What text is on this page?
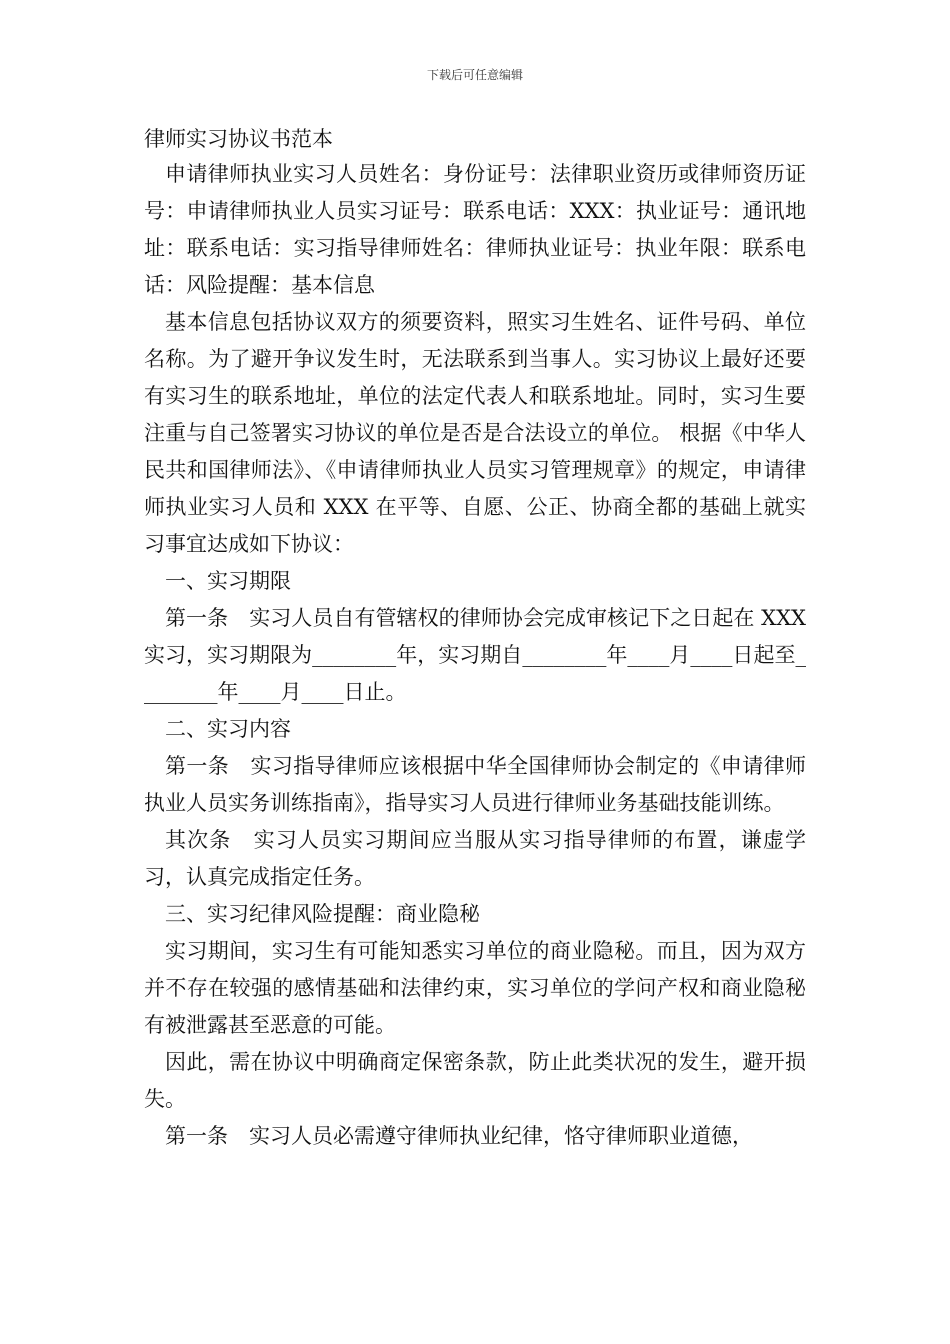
下载后可任意编辑

律师实习协议书范本

申请律师执业实习人员姓名：身份证号：法律职业资历或律师资历证号：申请律师执业人员实习证号：联系电话：XXX：执业证号：通讯地址：联系电话：实习指导律师姓名：律师执业证号：执业年限：联系电话：风险提醒：基本信息

基本信息包括协议双方的须要资料，照实习生姓名、证件号码、单位名称。为了避开争议发生时，无法联系到当事人。实习协议上最好还要有实习生的联系地址，单位的法定代表人和联系地址。同时，实习生要注重与自己签署实习协议的单位是否是合法设立的单位。 根据《中华人民共和国律师法》、《申请律师执业人员实习管理规章》的规定，申请律师执业实习人员和 XXX 在平等、自愿、公正、协商全都的基础上就实习事宜达成如下协议：

一、实习期限

第一条　实习人员自有管辖权的律师协会完成审核记下之日起在 XXX 实习，实习期限为________年，实习期自________年____月____日起至________年____月____日止。

二、实习内容

第一条　实习指导律师应该根据中华全国律师协会制定的《申请律师执业人员实务训练指南》，指导实习人员进行律师业务基础技能训练。

其次条　实习人员实习期间应当服从实习指导律师的布置，谦虚学习，认真完成指定任务。

三、实习纪律风险提醒：商业隐秘

实习期间，实习生有可能知悉实习单位的商业隐秘。而且，因为双方并不存在较强的感情基础和法律约束，实习单位的学问产权和商业隐秘有被泄露甚至恶意的可能。

因此，需在协议中明确商定保密条款，防止此类状况的发生，避开损失。

第一条　实习人员必需遵守律师执业纪律，恪守律师职业道德，
